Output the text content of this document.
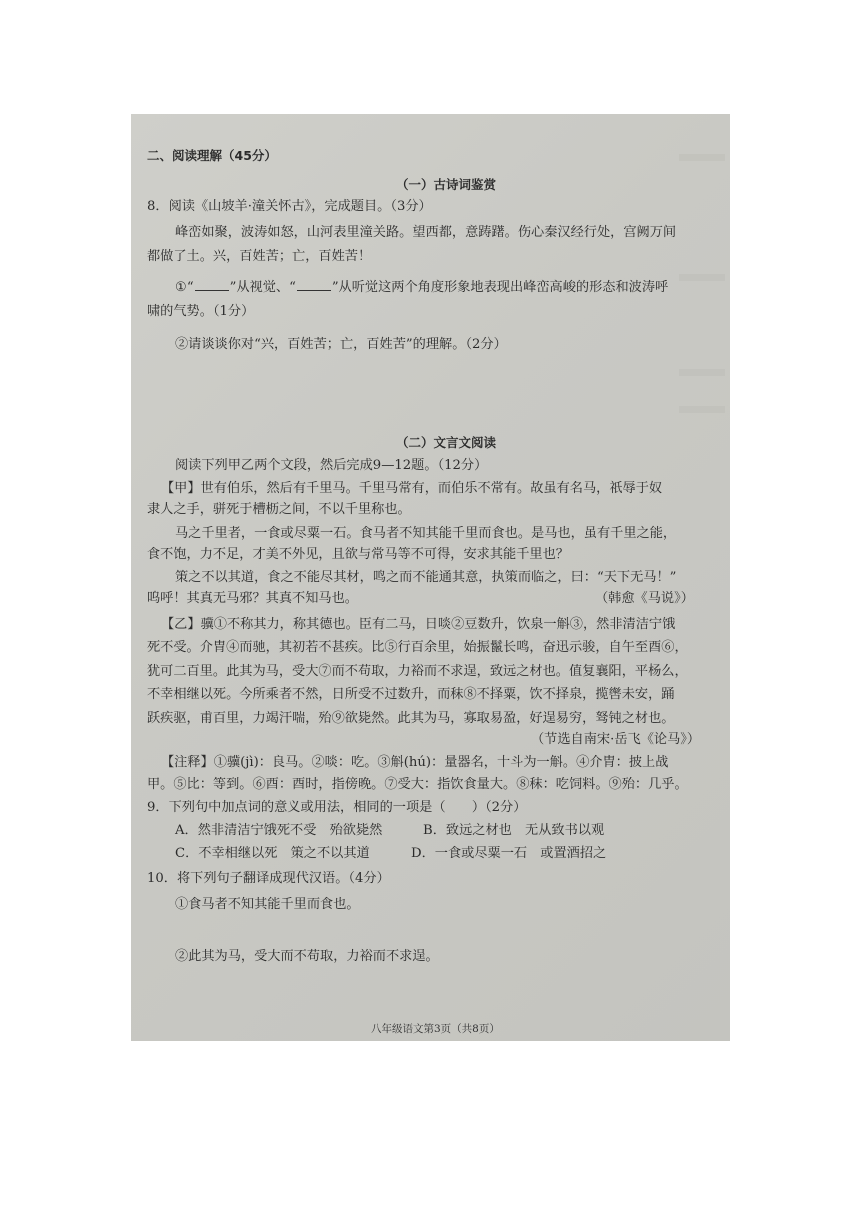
二、阅读理解（45分）
（一）古诗词鉴赏
8．阅读《山坡羊·潼关怀古》，完成题目。（3分）
峰峦如聚，波涛如怒，山河表里潼关路。望西都，意踌躇。伤心秦汉经行处，宫阙万间
都做了土。兴，百姓苦；亡，百姓苦！
①“	”从视觉、“	”从听觉这两个角度形象地表现出峰峦高峻的形态和波涛呼
啸的气势。（1分）
②请谈谈你对“兴，百姓苦；亡，百姓苦”的理解。（2分）
（二）文言文阅读
阅读下列甲乙两个文段，然后完成9—12题。（12分）
【甲】世有伯乐，然后有千里马。千里马常有，而伯乐不常有。故虽有名马，祇辱于奴
隶人之手，骈死于槽枥之间，不以千里称也。
马之千里者，一食或尽粟一石。食马者不知其能千里而食也。是马也，虽有千里之能，
食不饱，力不足，才美不外见，且欲与常马等不可得，安求其能千里也？
策之不以其道，食之不能尽其材，鸣之而不能通其意，执策而临之，曰：“天下无马！”
呜呼！其真无马邪？其真不知马也。	（韩愈《马说》）
【乙】骥①不称其力，称其德也。臣有二马，日啖②豆数升，饮泉一斛③，然非清洁宁饿
死不受。介胄④而驰，其初若不甚疾。比⑤行百余里，始振鬣长鸣，奋迅示骏，自午至酉⑥，
犹可二百里。此其为马，受大⑦而不苟取，力裕而不求逞，致远之材也。值复襄阳，平杨么，
不幸相继以死。今所乘者不然，日所受不过数升，而秣⑧不择粟，饮不择泉，揽辔未安，踊
跃疾驱，甫百里，力竭汗喘，殆⑨欲毙然。此其为马，寡取易盈，好逞易穷，驽钝之材也。
（节选自南宋·岳飞《论马》）
【注释】①骥(jì)：良马。②啖：吃。③斛(hú)：量器名，十斗为一斛。④介胄：披上战
甲。⑤比：等到。⑥酉：酉时，指傍晚。⑦受大：指饮食量大。⑧秣：吃饲料。⑨殆：几乎。
9．下列句中加点词的意义或用法，相同的一项是（　　）（2分）
A．然非清洁宁饿死不受　殆欲毙然	B．致远之材也　无从致书以观
C．不幸相继以死　策之不以其道	D．一食或尽粟一石　或置酒招之
10．将下列句子翻译成现代汉语。（4分）
①食马者不知其能千里而食也。
②此其为马，受大而不苟取，力裕而不求逞。
八年级语文第3页（共8页）
